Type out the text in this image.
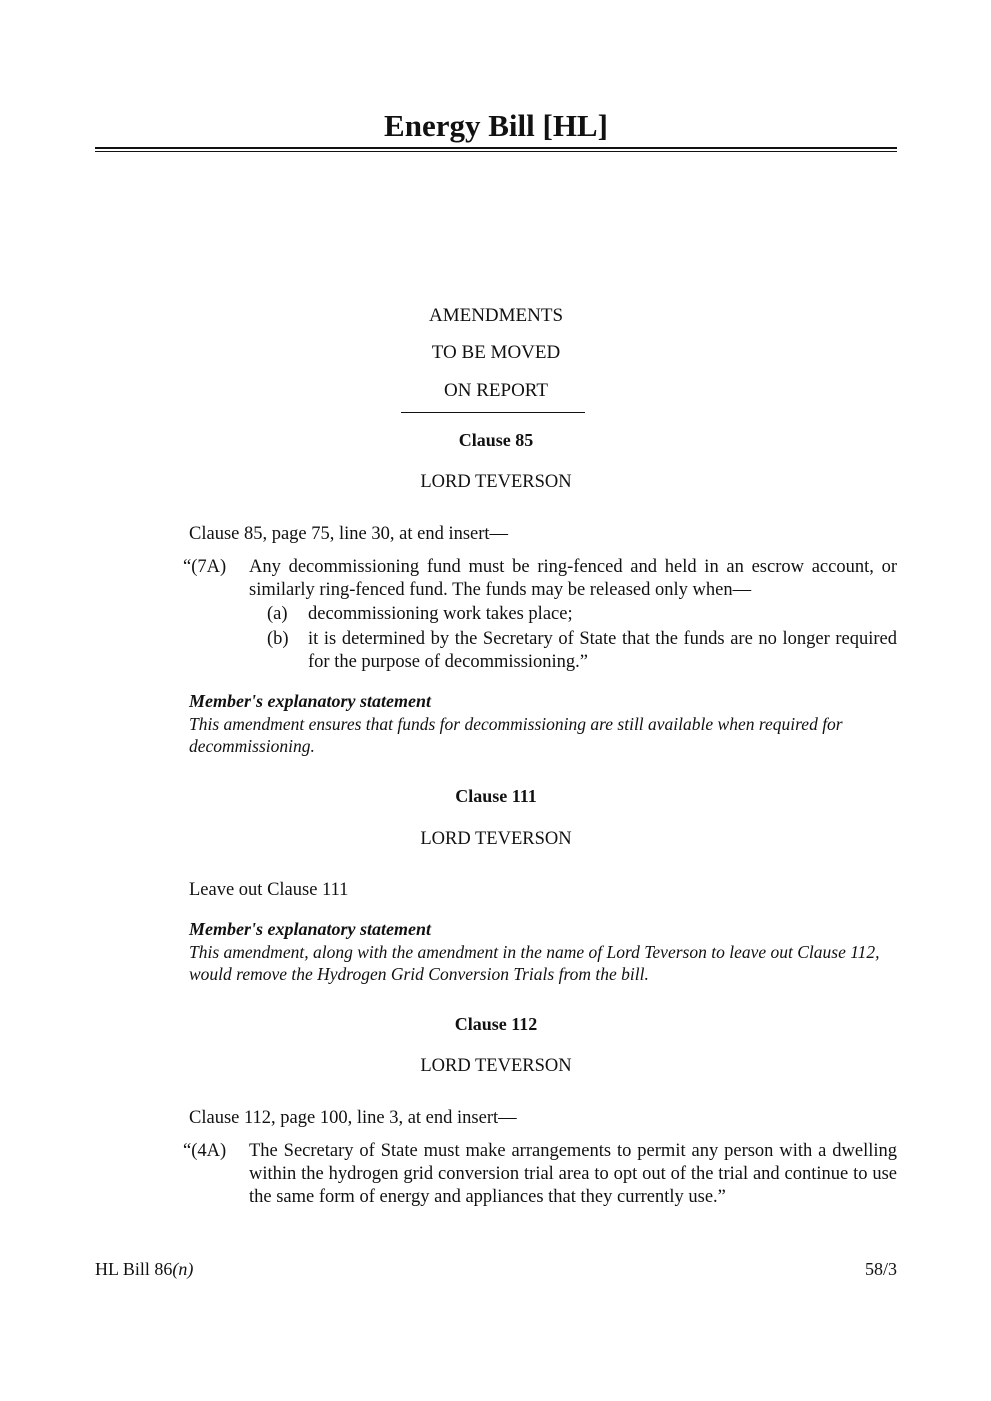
Energy Bill [HL]
AMENDMENTS
TO BE MOVED
ON REPORT
Clause 85
LORD TEVERSON
Clause 85, page 75, line 30, at end insert—
“(7A) Any decommissioning fund must be ring-fenced and held in an escrow account, or similarly ring-fenced fund. The funds may be released only when—
(a) decommissioning work takes place;
(b) it is determined by the Secretary of State that the funds are no longer required for the purpose of decommissioning.”
Member's explanatory statement
This amendment ensures that funds for decommissioning are still available when required for decommissioning.
Clause 111
LORD TEVERSON
Leave out Clause 111
Member's explanatory statement
This amendment, along with the amendment in the name of Lord Teverson to leave out Clause 112, would remove the Hydrogen Grid Conversion Trials from the bill.
Clause 112
LORD TEVERSON
Clause 112, page 100, line 3, at end insert—
“(4A) The Secretary of State must make arrangements to permit any person with a dwelling within the hydrogen grid conversion trial area to opt out of the trial and continue to use the same form of energy and appliances that they currently use.”
HL Bill 86(n)	58/3
